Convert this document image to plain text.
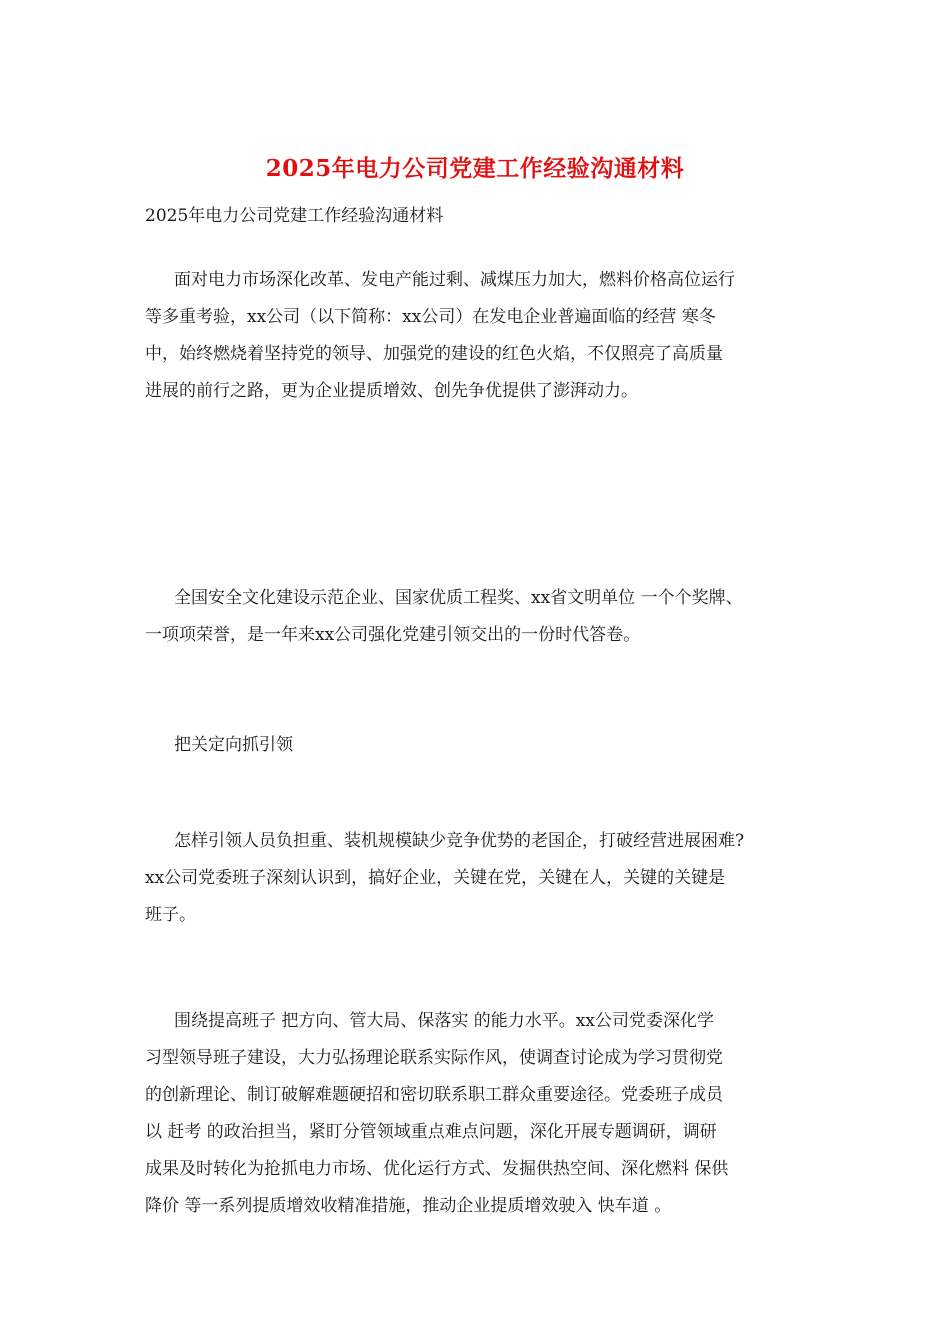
2025年电力公司党建工作经验沟通材料

2025年电力公司党建工作经验沟通材料

面对电力市场深化改革、发电产能过剩、减煤压力加大，燃料价格高位运行
等多重考验，xx公司（以下简称：xx公司）在发电企业普遍面临的经营 寒冬
中，始终燃烧着坚持党的领导、加强党的建设的红色火焰，不仅照亮了高质量
进展的前行之路，更为企业提质增效、创先争优提供了澎湃动力。
全国安全文化建设示范企业、国家优质工程奖、xx省文明单位 一个个奖牌、
一项项荣誉，是一年来xx公司强化党建引领交出的一份时代答卷。

把关定向抓引领

怎样引领人员负担重、装机规模缺少竞争优势的老国企，打破经营进展困难?
xx公司党委班子深刻认识到，搞好企业，关键在党，关键在人，关键的关键是
班子。
围绕提高班子 把方向、管大局、保落实 的能力水平。xx公司党委深化学
习型领导班子建设，大力弘扬理论联系实际作风，使调查讨论成为学习贯彻党
的创新理论、制订破解难题硬招和密切联系职工群众重要途径。党委班子成员
以 赶考 的政治担当，紧盯分管领域重点难点问题，深化开展专题调研，调研
成果及时转化为抢抓电力市场、优化运行方式、发掘供热空间、深化燃料 保供
降价 等一系列提质增效收精准措施，推动企业提质增效驶入 快车道 。
